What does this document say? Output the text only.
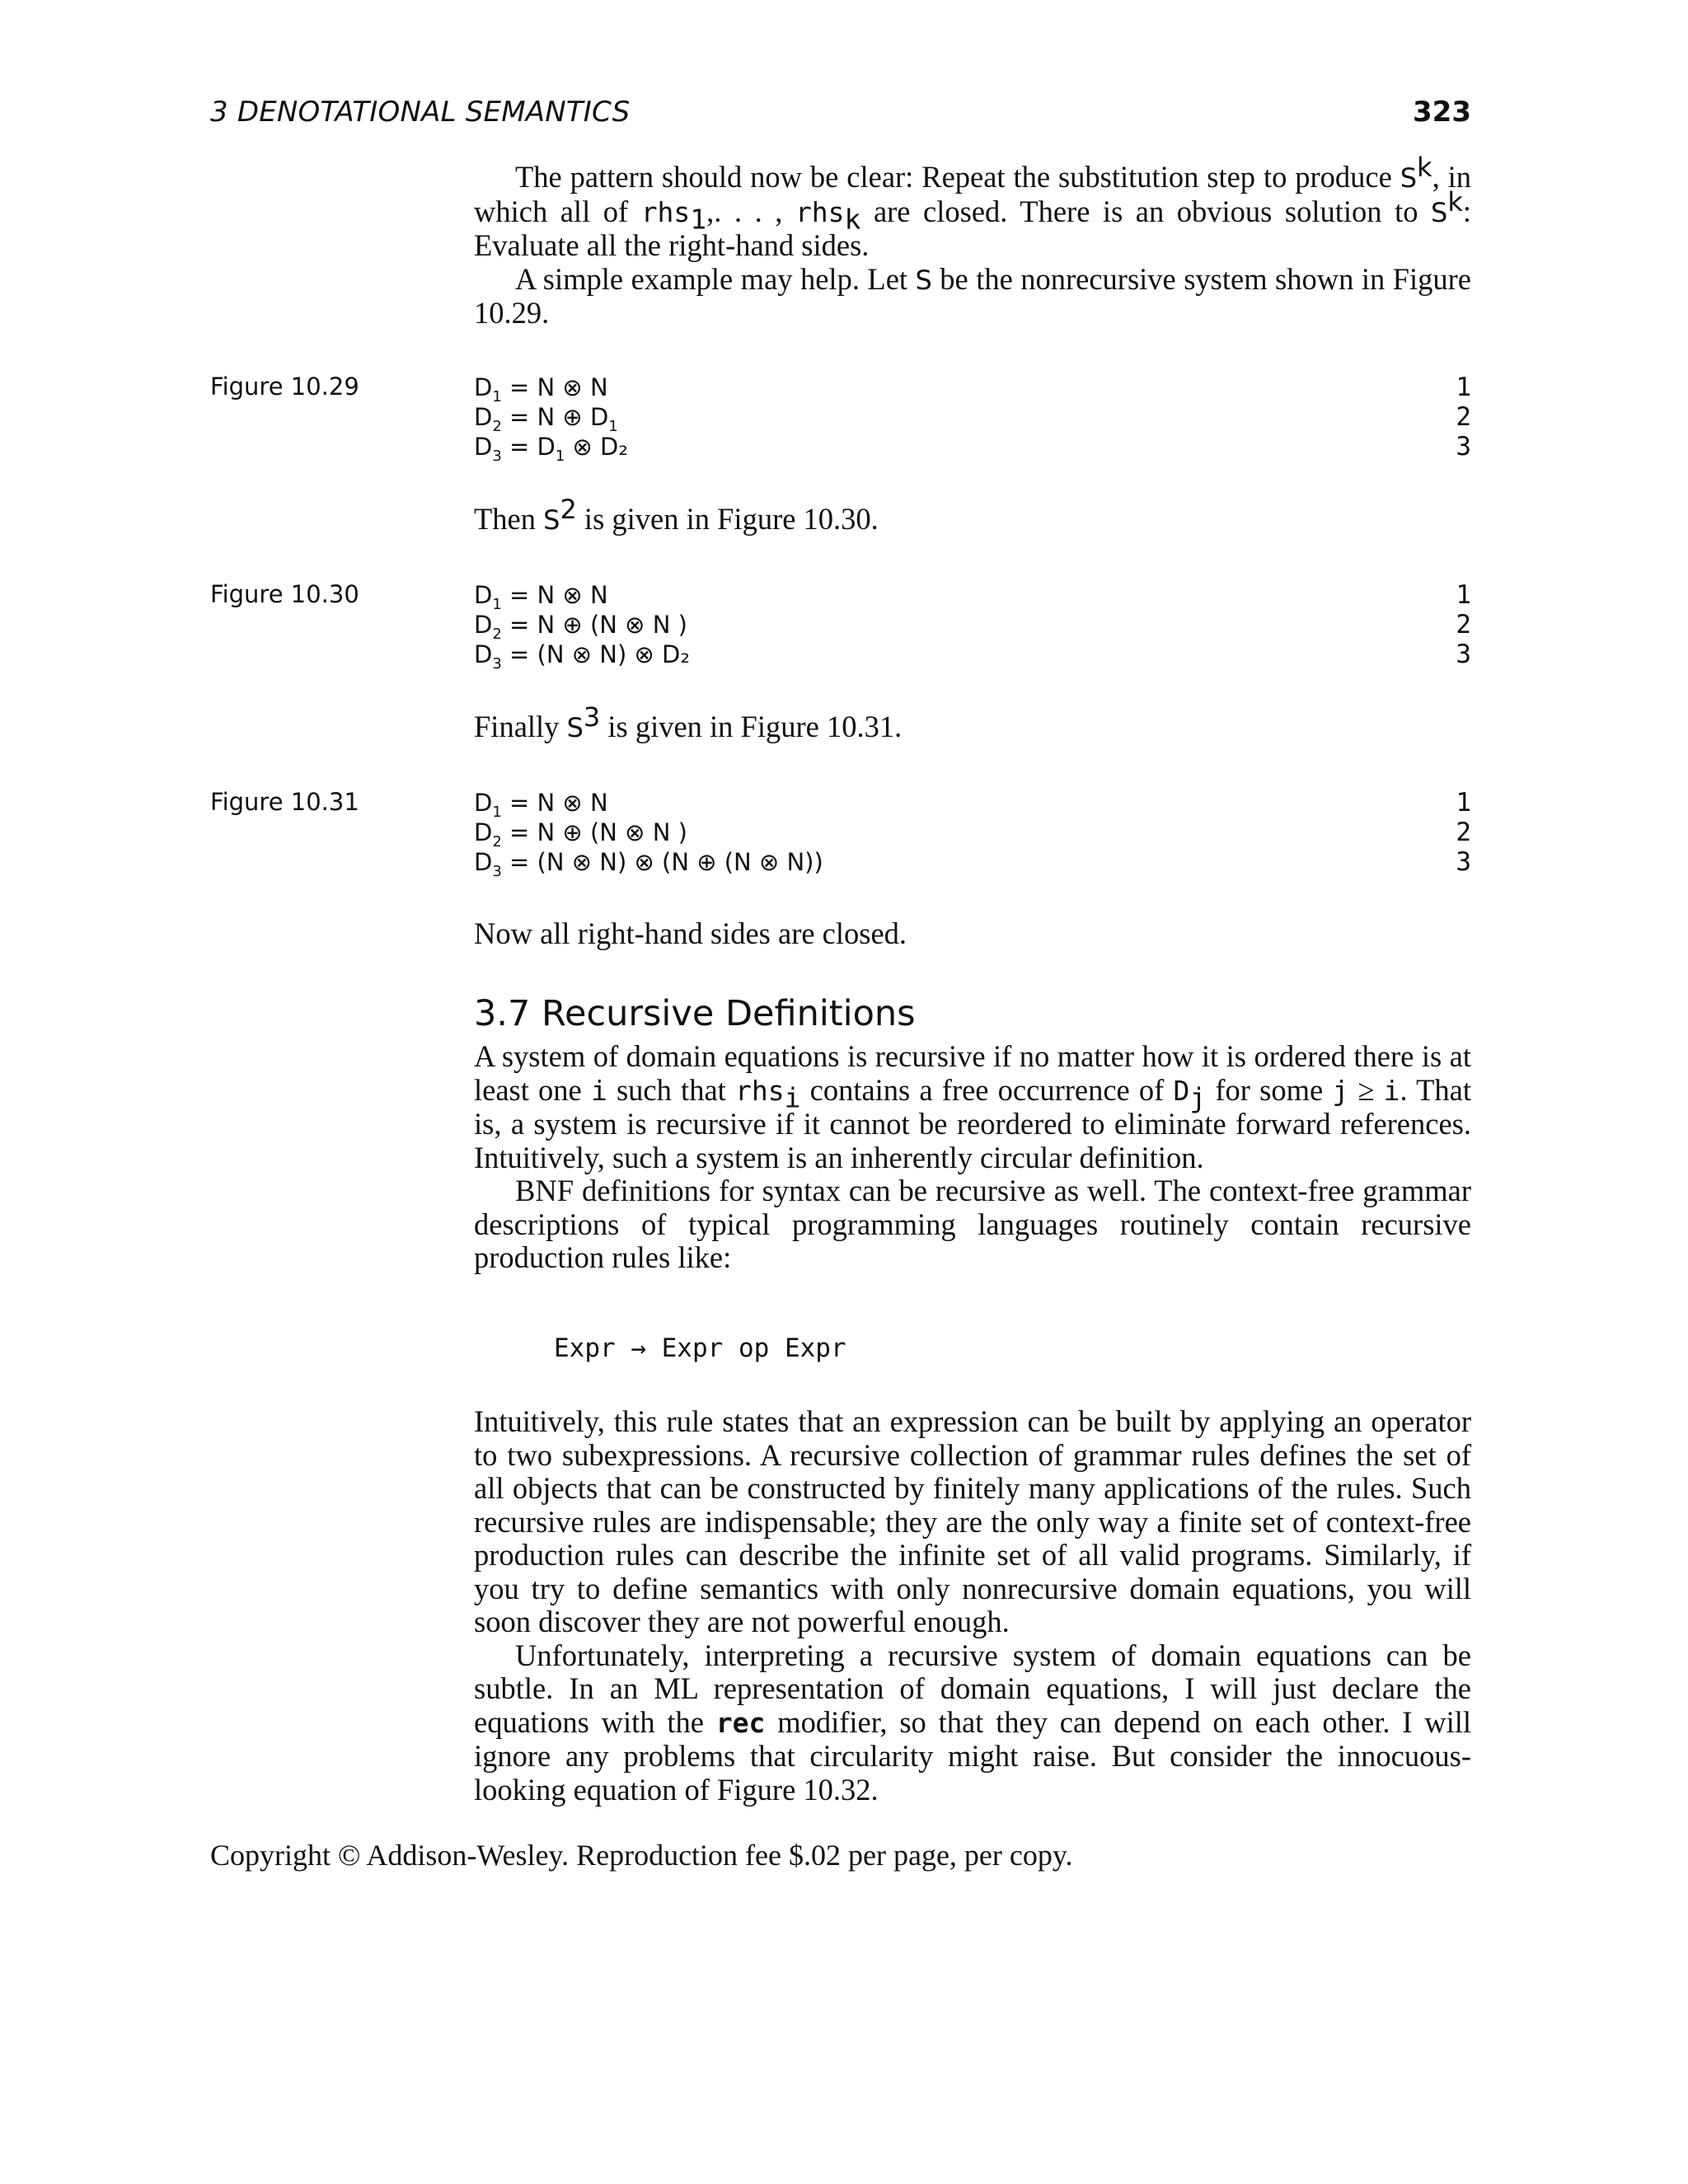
3 DENOTATIONAL SEMANTICS	323

The pattern should now be clear: Repeat the substitution step to produce $S^k$, in which all of rhs$_1$,. . . , rhs$_k$ are closed. There is an obvious solution to $S^k$: Evaluate all the right-hand sides.

A simple example may help. Let S be the nonrecursive system shown in Figure 10.29.

Figure 10.29	$D_1 = N$ ⊗ N	1
$D_2 = N$ ⊕ $D_1$	2
$D_3 = D_1$ ⊗ D₂	3

Then $S^2$ is given in Figure 10.30.

Figure 10.30	$D_1 = N$ ⊗ N	1
$D_2 = N$ ⊕ (N ⊗ N )	2
$D_3 = (N$ ⊗ N) ⊗ D₂	3

Finally $S^3$ is given in Figure 10.31.

Figure 10.31	$D_1 = N$ ⊗ N	1
$D_2 = N$ ⊕ (N ⊗ N )	2
$D_3 = (N$ ⊗ N) ⊗ (N ⊕ (N ⊗ N))	3

Now all right-hand sides are closed.

3.7 Recursive Definitions

A system of domain equations is recursive if no matter how it is ordered there is at least one i such that rhs$_i$ contains a free occurrence of $D_j$ for some j ≥ i. That is, a system is recursive if it cannot be reordered to eliminate forward references. Intuitively, such a system is an inherently circular definition.

BNF definitions for syntax can be recursive as well. The context-free grammar descriptions of typical programming languages routinely contain recursive production rules like:

Expr → Expr op Expr

Intuitively, this rule states that an expression can be built by applying an operator to two subexpressions. A recursive collection of grammar rules defines the set of all objects that can be constructed by finitely many applications of the rules. Such recursive rules are indispensable; they are the only way a finite set of context-free production rules can describe the infinite set of all valid programs. Similarly, if you try to define semantics with only nonrecursive domain equations, you will soon discover they are not powerful enough.

Unfortunately, interpreting a recursive system of domain equations can be subtle. In an ML representation of domain equations, I will just declare the equations with the rec modifier, so that they can depend on each other. I will ignore any problems that circularity might raise. But consider the innocuous-looking equation of Figure 10.32.

Copyright © Addison-Wesley. Reproduction fee $.02 per page, per copy.
